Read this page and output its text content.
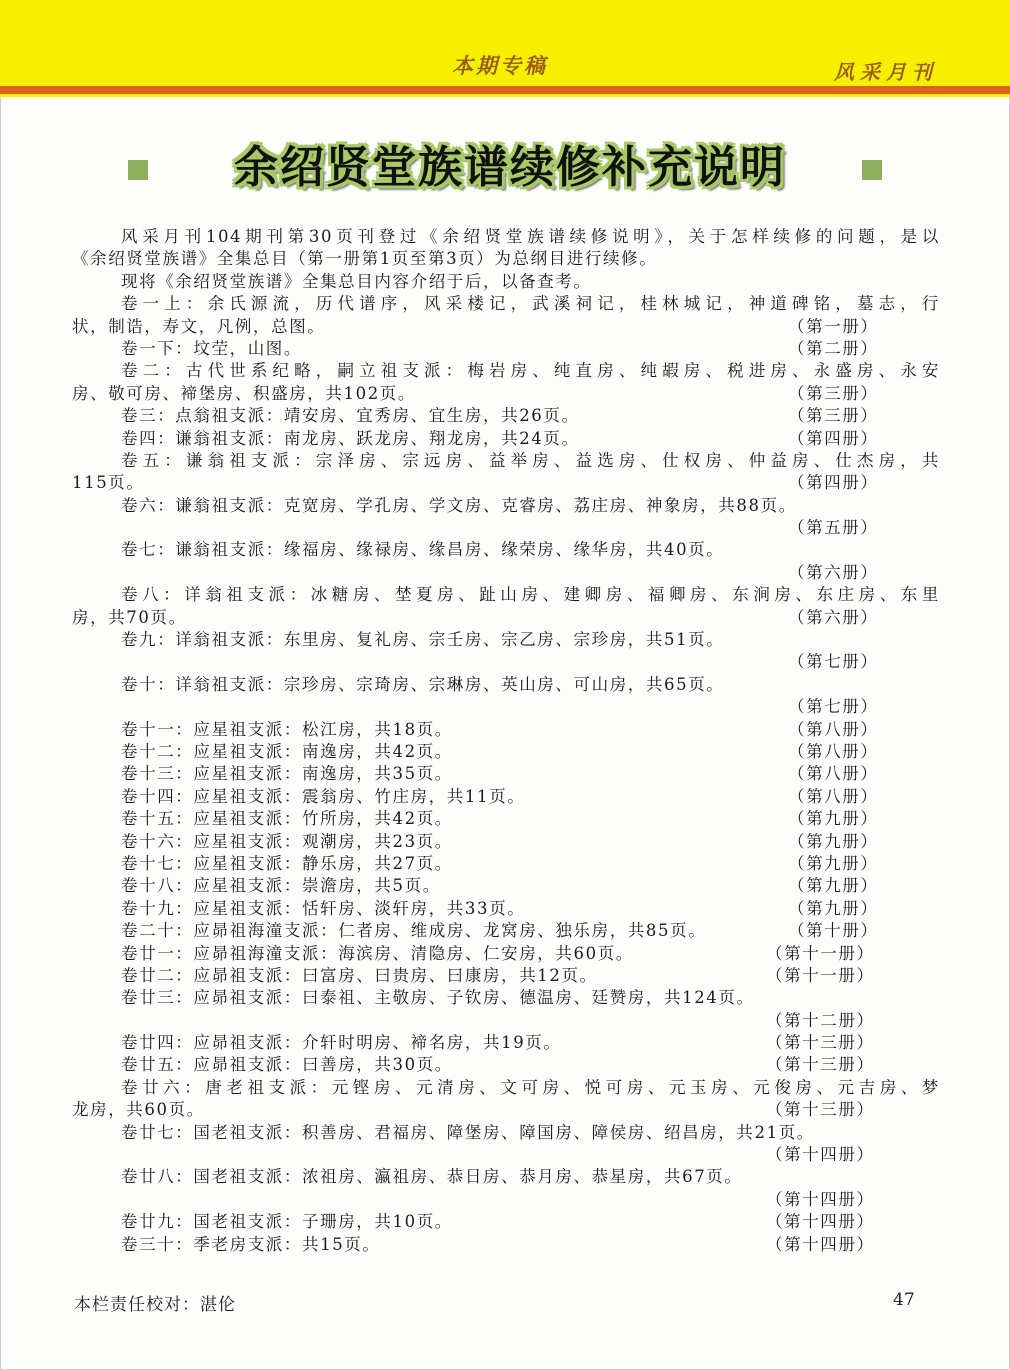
本期专稿	风采月刊
余绍贤堂族谱续修补充说明
风采月刊104期刊第30页刊登过《余绍贤堂族谱续修说明》，关于怎样续修的问题，是以
《余绍贤堂族谱》全集总目（第一册第1页至第3页）为总纲目进行续修。
现将《余绍贤堂族谱》全集总目内容介绍于后，以备查考。
卷一上：余氏源流，历代谱序，风采楼记，武溪祠记，桂林城记，神道碑铭，墓志，行
状，制诰，寿文，凡例，总图。	（第一册）
卷一下：坟茔，山图。	（第二册）
卷二：古代世系纪略，嗣立祖支派：梅岩房、纯直房、纯嘏房、税进房、永盛房、永安
房、敬可房、褅堡房、积盛房，共102页。	（第三册）
卷三：点翁祖支派：靖安房、宜秀房、宜生房，共26页。	（第三册）
卷四：谦翁祖支派：南龙房、跃龙房、翔龙房，共24页。	（第四册）
卷五：谦翁祖支派：宗泽房、宗远房、益举房、益选房、仕权房、仲益房、仕杰房，共
115页。	（第四册）
卷六：谦翁祖支派：克宽房、学孔房、学文房、克睿房、荔庄房、神象房，共88页。
（第五册）
卷七：谦翁祖支派：缘福房、缘禄房、缘昌房、缘荣房、缘华房，共40页。
（第六册）
卷八：详翁祖支派：冰糖房、埜夏房、趾山房、建卿房、福卿房、东涧房、东庄房、东里
房，共70页。	（第六册）
卷九：详翁祖支派：东里房、复礼房、宗壬房、宗乙房、宗珍房，共51页。
（第七册）
卷十：详翁祖支派：宗珍房、宗琦房、宗琳房、英山房、可山房，共65页。
（第七册）
卷十一：应星祖支派：松江房，共18页。	（第八册）
卷十二：应星祖支派：南逸房，共42页。	（第八册）
卷十三：应星祖支派：南逸房，共35页。	（第八册）
卷十四：应星祖支派：震翁房、竹庄房，共11页。	（第八册）
卷十五：应星祖支派：竹所房，共42页。	（第九册）
卷十六：应星祖支派：观潮房，共23页。	（第九册）
卷十七：应星祖支派：静乐房，共27页。	（第九册）
卷十八：应星祖支派：崇澹房，共5页。	（第九册）
卷十九：应星祖支派：恬轩房、淡轩房，共33页。	（第九册）
卷二十：应昴祖海潼支派：仁者房、维成房、龙窝房、独乐房，共85页。	（第十册）
卷廿一：应昴祖海潼支派：海滨房、清隐房、仁安房，共60页。	（第十一册）
卷廿二：应昴祖支派：曰富房、曰贵房、曰康房，共12页。	（第十一册）
卷廿三：应昴祖支派：曰泰祖、主敬房、子钦房、德温房、廷赞房，共124页。
（第十二册）
卷廿四：应昴祖支派：介轩时明房、褅名房，共19页。	（第十三册）
卷廿五：应昴祖支派：曰善房，共30页。	（第十三册）
卷廿六：唐老祖支派：元铿房、元清房、文可房、悦可房、元玉房、元俊房、元吉房、梦
龙房，共60页。	（第十三册）
卷廿七：国老祖支派：积善房、君福房、障堡房、障国房、障侯房、绍昌房，共21页。
（第十四册）
卷廿八：国老祖支派：浓祖房、瀛祖房、恭日房、恭月房、恭星房，共67页。
（第十四册）
卷廿九：国老祖支派：子珊房，共10页。	（第十四册）
卷三十：季老房支派：共15页。	（第十四册）
本栏责任校对：湛伦	47
